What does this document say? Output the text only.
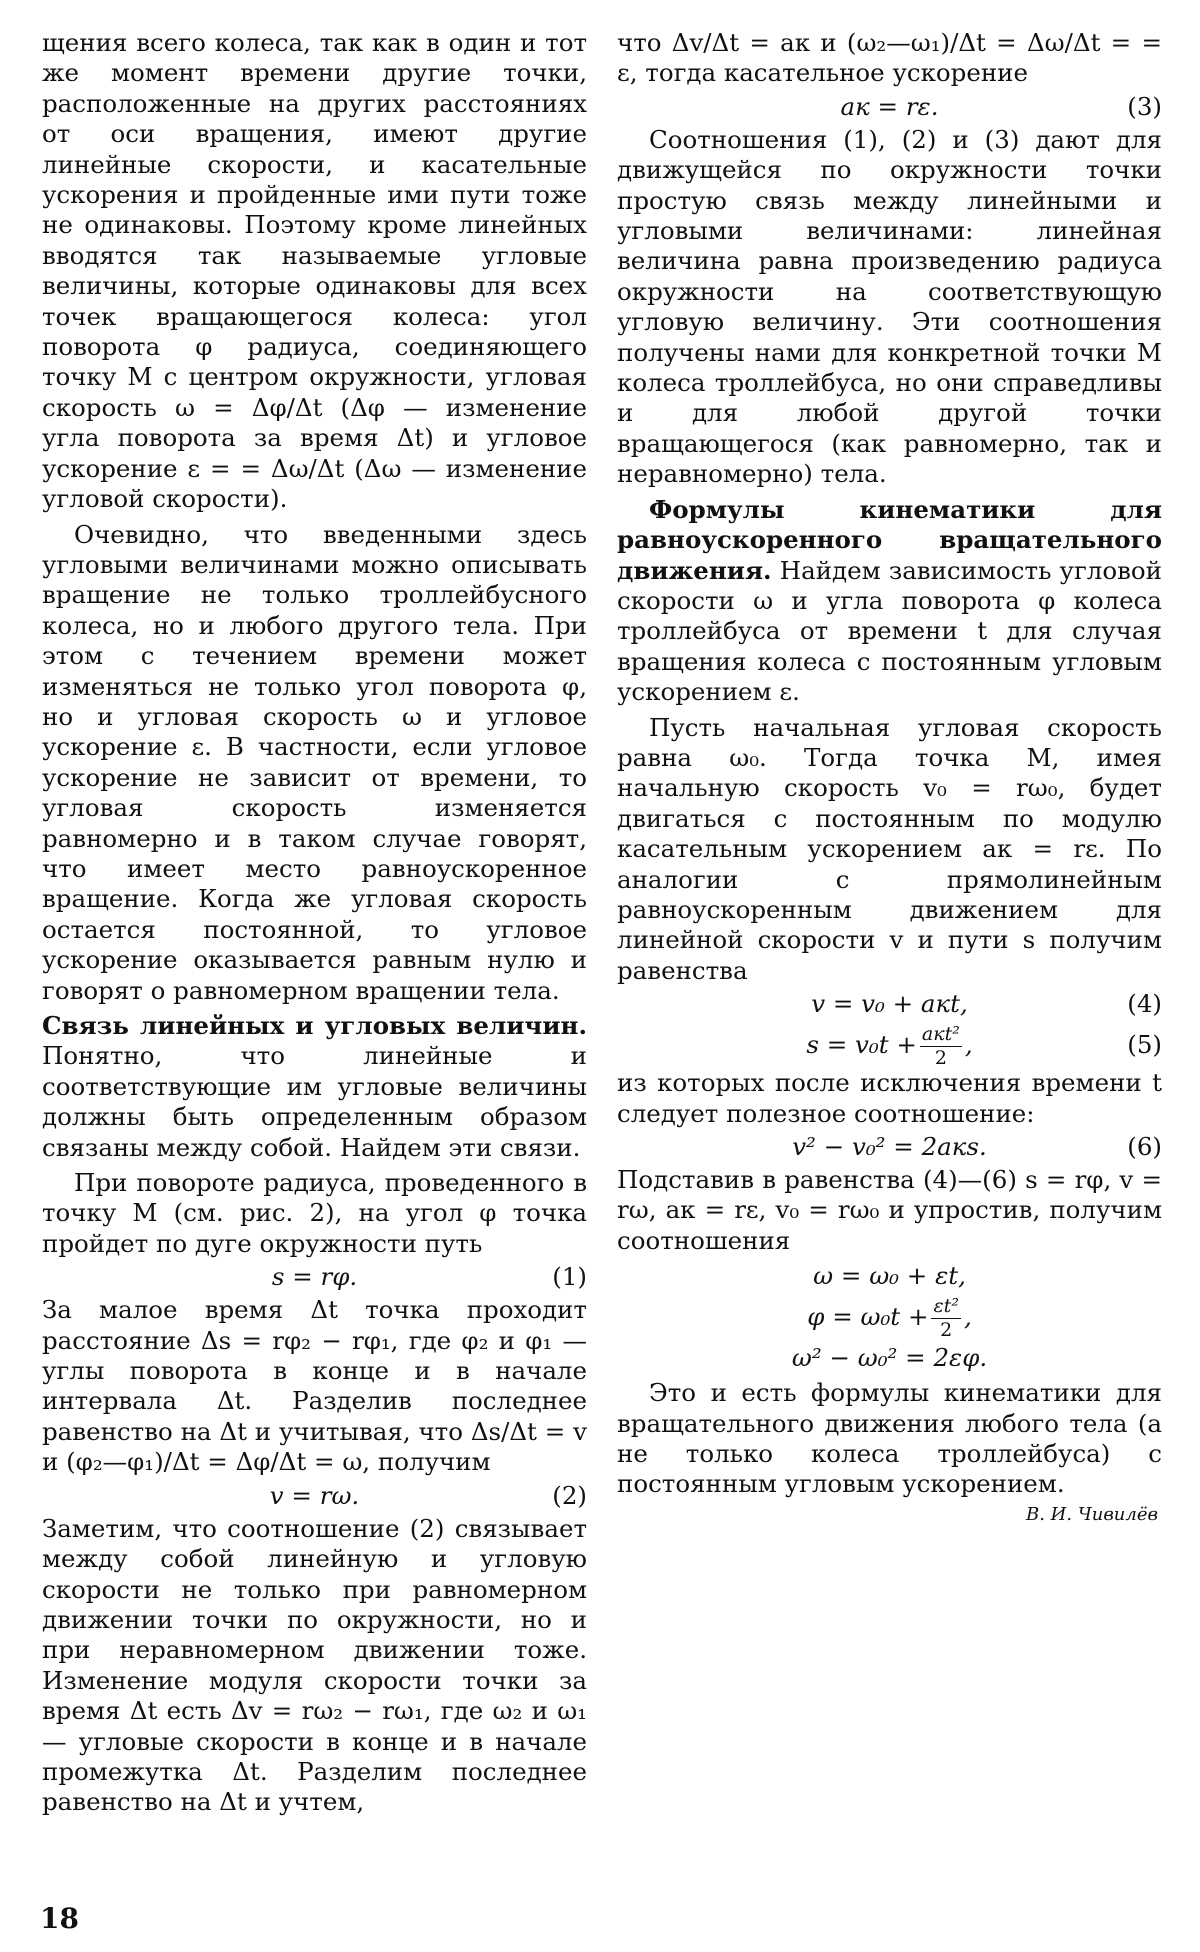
щения всего колеса, так как в один и тот же момент времени другие точки, расположенные на других расстояниях от оси вращения, имеют другие линейные скорости, и касательные ускорения и пройденные ими пути тоже не одинаковы. Поэтому кроме линейных вводятся так называемые угловые величины, которые одинаковы для всех точек вращающегося колеса: угол поворота φ радиуса, соединяющего точку M с центром окружности, угловая скорость ω = Δφ/Δt (Δφ — изменение угла поворота за время Δt) и угловое ускорение ε = = Δω/Δt (Δω — изменение угловой скорости).

Очевидно, что введенными здесь угловыми величинами можно описывать вращение не только троллейбусного колеса, но и любого другого тела. При этом с течением времени может изменяться не только угол поворота φ, но и угловая скорость ω и угловое ускорение ε. В частности, если угловое ускорение не зависит от времени, то угловая скорость изменяется равномерно и в таком случае говорят, что имеет место равноускоренное вращение. Когда же угловая скорость остается постоянной, то угловое ускорение оказывается равным нулю и говорят о равномерном вращении тела.

Связь линейных и угловых величин. Понятно, что линейные и соответствующие им угловые величины должны быть определенным образом связаны между собой. Найдем эти связи.

При повороте радиуса, проведенного в точку M (см. рис. 2), на угол φ точка пройдет по дуге окружности путь

s = rφ.	(1)

За малое время Δt точка проходит расстояние Δs = rφ₂ − rφ₁, где φ₂ и φ₁ — углы поворота в конце и в начале интервала Δt. Разделив последнее равенство на Δt и учитывая, что Δs/Δt = v и (φ₂—φ₁)/Δt = Δφ/Δt = ω, получим

v = rω.	(2)

Заметим, что соотношение (2) связывает между собой линейную и угловую скорости не только при равномерном движении точки по окружности, но и при неравномерном движении тоже. Изменение модуля скорости точки за время Δt есть Δv = rω₂ − rω₁, где ω₂ и ω₁ — угловые скорости в конце и в начале промежутка Δt. Разделим последнее равенство на Δt и учтем,

что Δv/Δt = aк и (ω₂—ω₁)/Δt = Δω/Δt = = ε, тогда касательное ускорение

aк = rε.	(3)

Соотношения (1), (2) и (3) дают для движущейся по окружности точки простую связь между линейными и угловыми величинами: линейная величина равна произведению радиуса окружности на соответствующую угловую величину. Эти соотношения получены нами для конкретной точки M колеса троллейбуса, но они справедливы и для любой другой точки вращающегося (как равномерно, так и неравномерно) тела.

Формулы кинематики для равноускоренного вращательного движения. Найдем зависимость угловой скорости ω и угла поворота φ колеса троллейбуса от времени t для случая вращения колеса с постоянным угловым ускорением ε.

Пусть начальная угловая скорость равна ω₀. Тогда точка M, имея начальную скорость v₀ = rω₀, будет двигаться с постоянным по модулю касательным ускорением aк = rε. По аналогии с прямолинейным равноускоренным движением для линейной скорости v и пути s получим равенства

v = v₀ + aкt,	(4)
$s = v_0t + \frac{\text{aкt²}}{2}$ ,	(5)

из которых после исключения времени t следует полезное соотношение:

v² − v₀² = 2aкs.	(6)

Подставив в равенства (4)—(6) s = rφ, v = rω, aк = rε, v₀ = rω₀ и упростив, получим соотношения

ω = ω₀ + εt,
$\varphi = \omega_0t + \frac{\text{εt²}}{2}$ ,
ω² − ω₀² = 2εφ.

Это и есть формулы кинематики для вращательного движения любого тела (а не только колеса троллейбуса) с постоянным угловым ускорением.

В. И. Чивилёв
18
